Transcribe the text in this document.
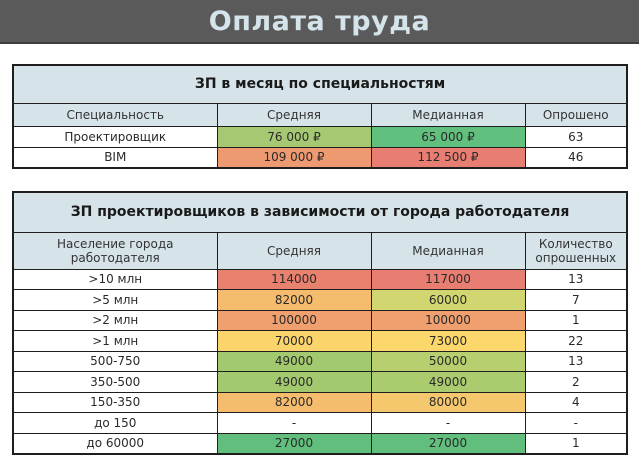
Оплата труда
ЗП в месяц по специальностям			
Специальность	Средняя	Медианная	Опрошено
Проектировщик	76 000 ₽	65 000 ₽	63
BIM	109 000 ₽	112 500 ₽	46
ЗП проектировщиков в зависимости от города работодателя			
Население города работодателя	Средняя	Медианная	Количество опрошенных
>10 млн	114000	117000	13
>5 млн	82000	60000	7
>2 млн	100000	100000	1
>1 млн	70000	73000	22
500-750	49000	50000	13
350-500	49000	49000	2
150-350	82000	80000	4
до 150	-	-	-
до 60000	27000	27000	1
